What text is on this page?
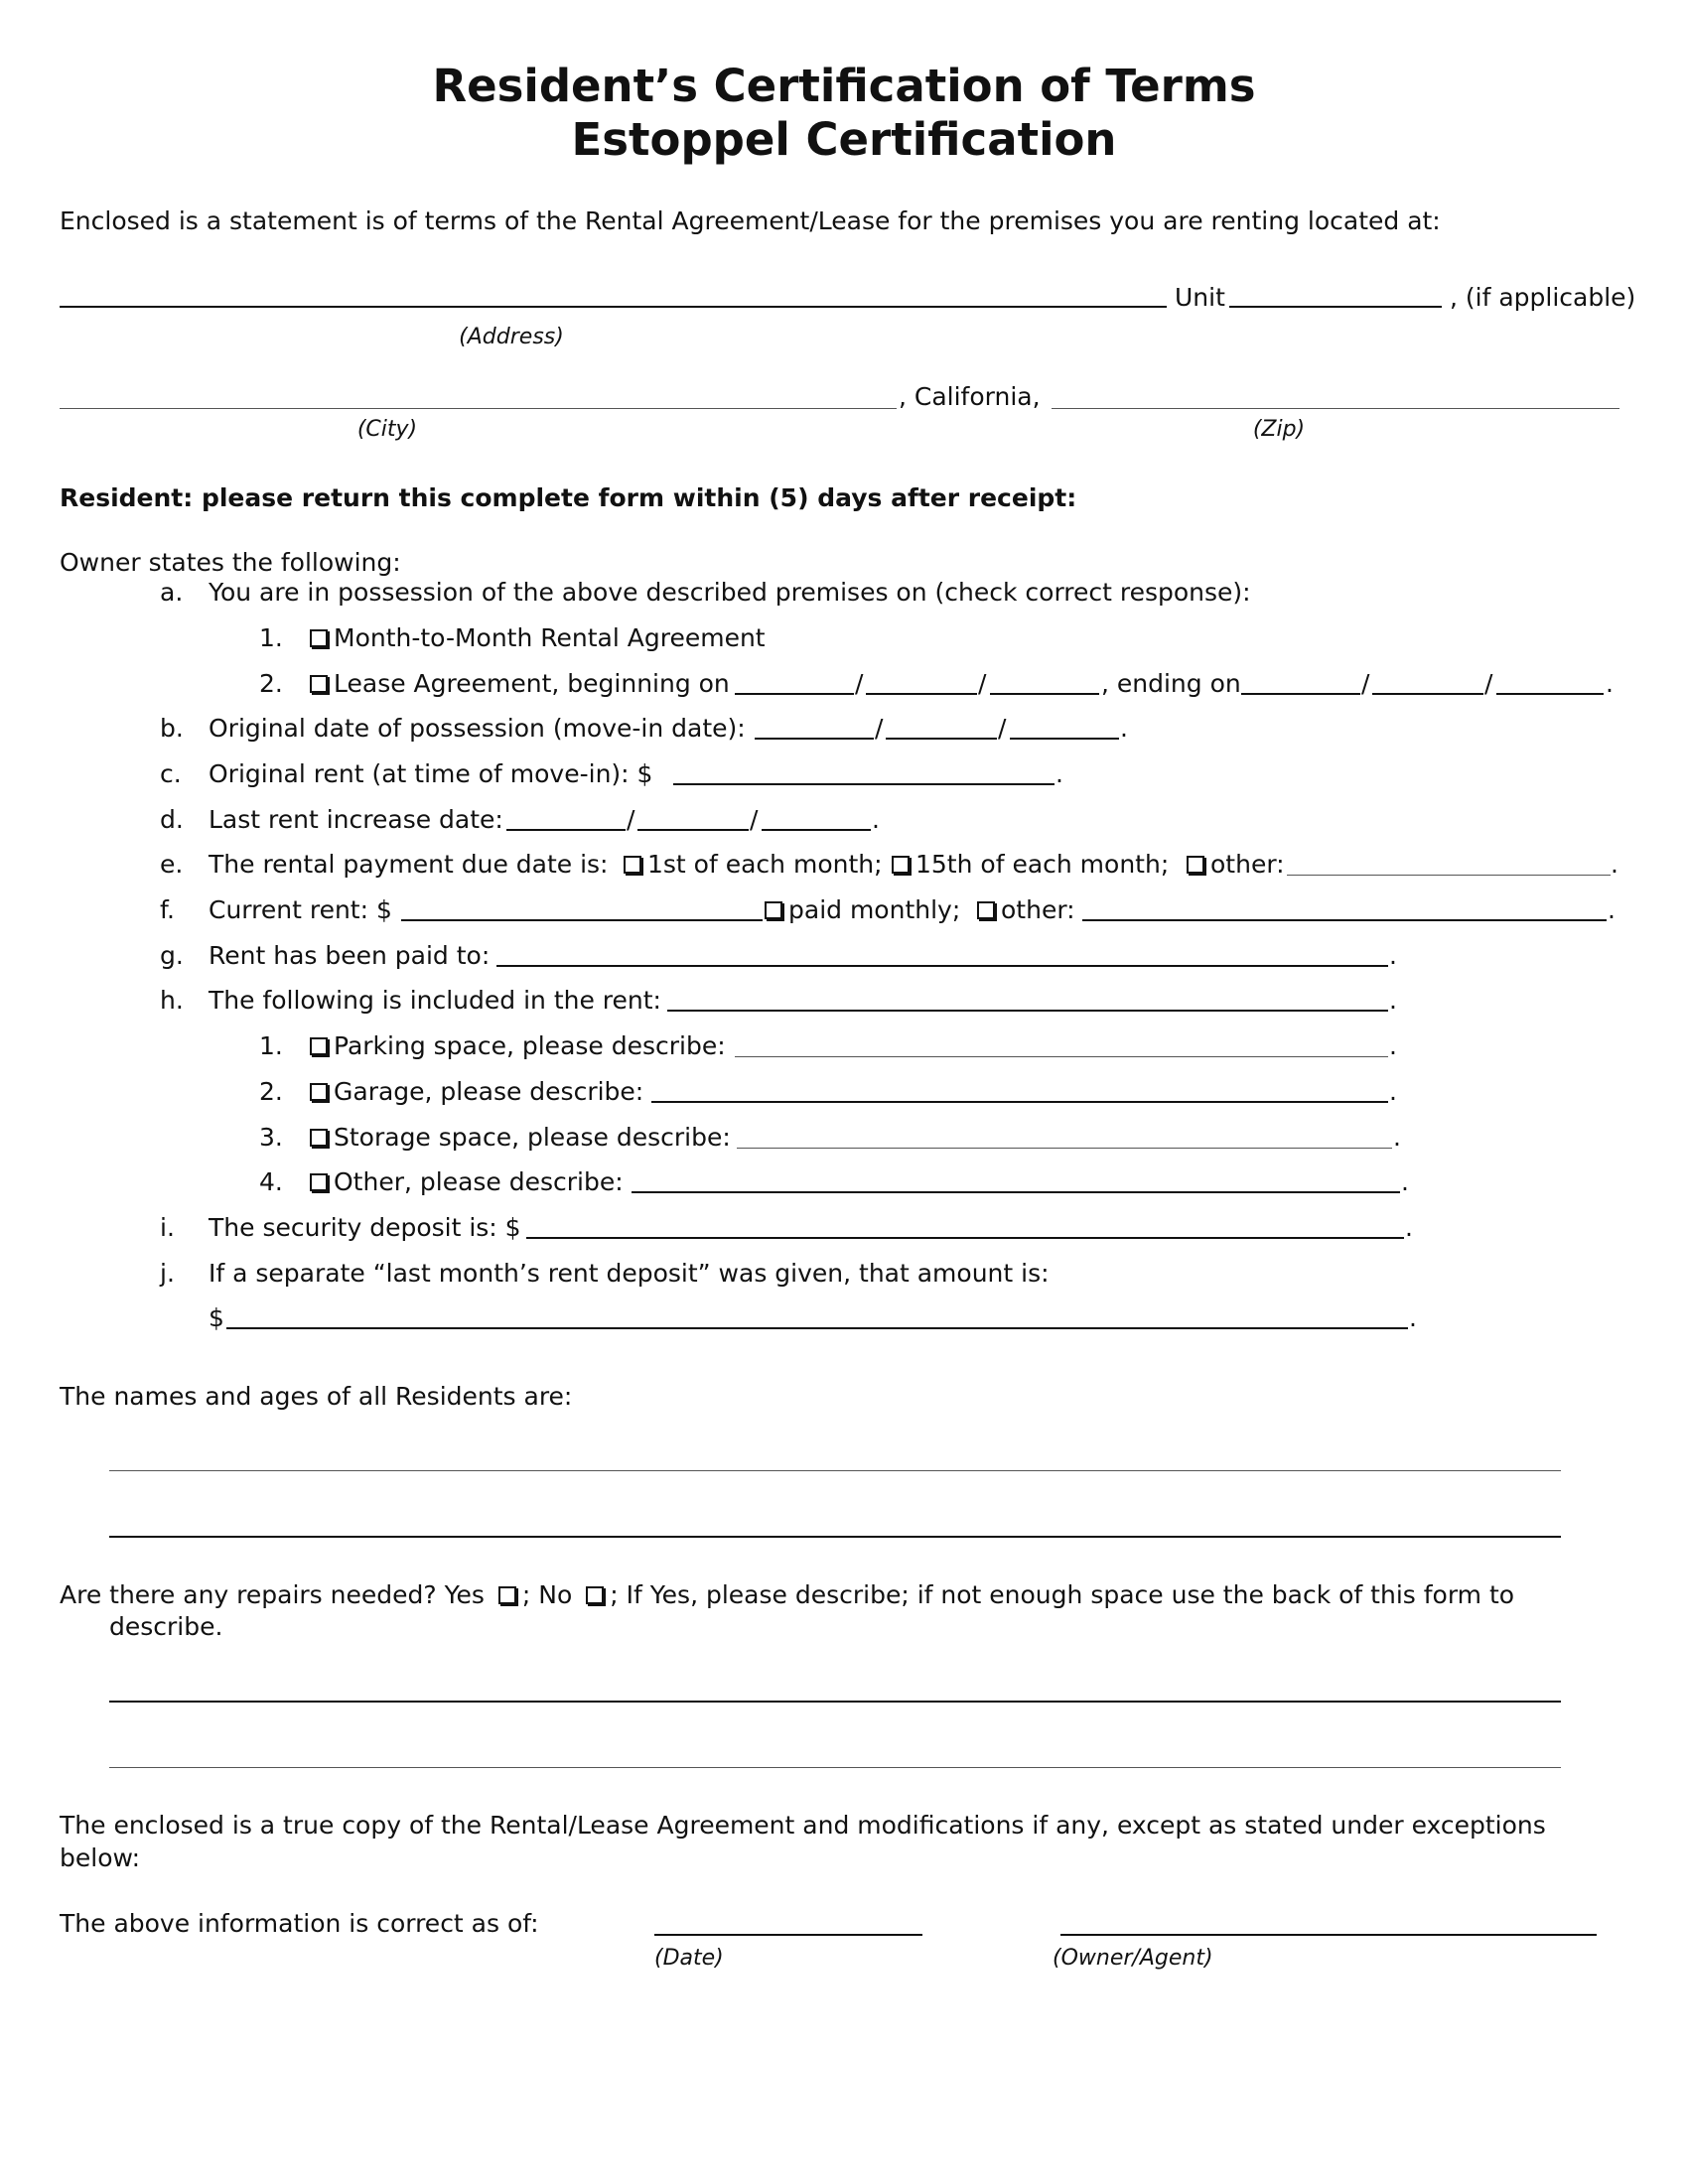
Resident’s Certification of Terms
Estoppel Certification
Enclosed is a statement is of terms of the Rental Agreement/Lease for the premises you are renting located at:
Unit	, (if applicable)
(Address)
, California,
(City)	(Zip)
Resident: please return this complete form within (5) days after receipt:
Owner states the following:
a. You are in possession of the above described premises on (check correct response):
1.	Month-to-Month Rental Agreement
2.	Lease Agreement, beginning on	/	/	, ending on	/	/	.
b. Original date of possession (move-in date):	/	/	.
c. Original rent (at time of move-in): $	.
d. Last rent increase date:	/	/	.
e. The rental payment due date is:	1st of each month;	15th of each month;	other:	.
f. Current rent: $	paid monthly;	other:	.
g. Rent has been paid to:	.
h. The following is included in the rent:	.
1.	Parking space, please describe:	.
2.	Garage, please describe:	.
3.	Storage space, please describe:	.
4.	Other, please describe:	.
i. The security deposit is: $	.
j. If a separate “last month’s rent deposit” was given, that amount is:
$	.
The names and ages of all Residents are:
Are there any repairs needed? Yes ; No ; If Yes, please describe; if not enough space use the back of this form to
describe.
The enclosed is a true copy of the Rental/Lease Agreement and modifications if any, except as stated under exceptions
below:
The above information is correct as of:
(Date)	(Owner/Agent)
